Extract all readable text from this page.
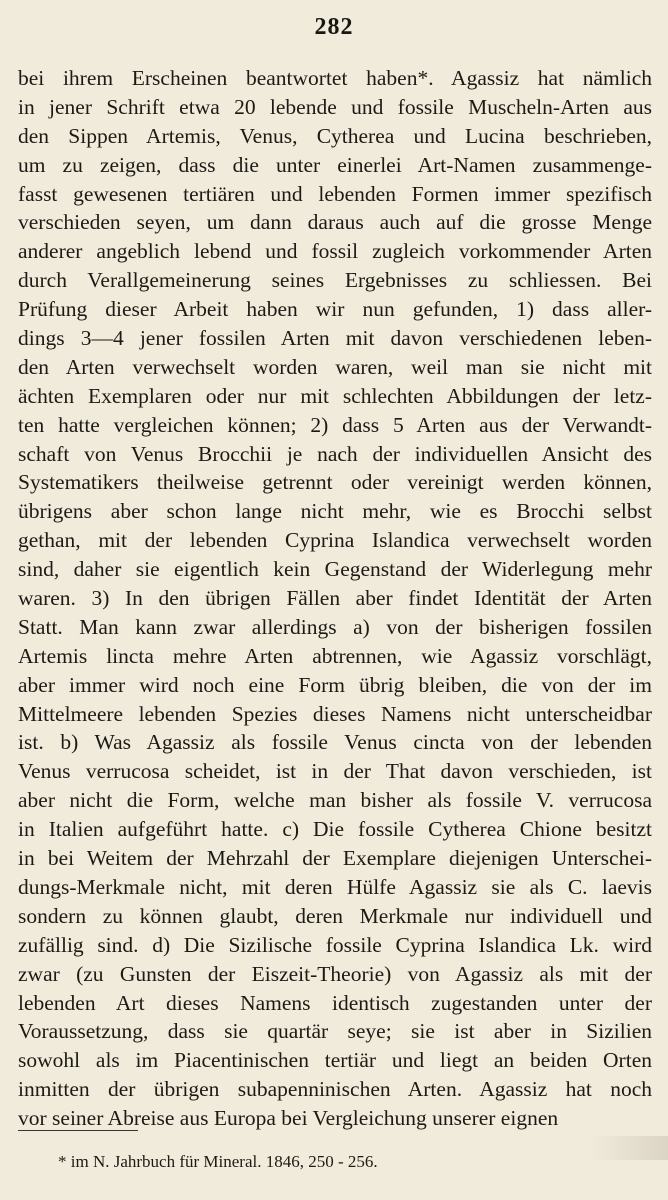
282
bei ihrem Erscheinen beantwortet haben*. Agassiz hat nämlich
in jener Schrift etwa 20 lebende und fossile Muscheln-Arten aus
den Sippen Artemis, Venus, Cytherea und Lucina beschrieben,
um zu zeigen, dass die unter einerlei Art-Namen zusammenge-
fasst gewesenen tertiären und lebenden Formen immer spezifisch
verschieden seyen, um dann daraus auch auf die grosse Menge
anderer angeblich lebend und fossil zugleich vorkommender Arten
durch Verallgemeinerung seines Ergebnisses zu schliessen. Bei
Prüfung dieser Arbeit haben wir nun gefunden, 1) dass aller-
dings 3—4 jener fossilen Arten mit davon verschiedenen leben-
den Arten verwechselt worden waren, weil man sie nicht mit
ächten Exemplaren oder nur mit schlechten Abbildungen der letz-
ten hatte vergleichen können; 2) dass 5 Arten aus der Verwandt-
schaft von Venus Brocchii je nach der individuellen Ansicht des
Systematikers theilweise getrennt oder vereinigt werden können,
übrigens aber schon lange nicht mehr, wie es Brocchi selbst
gethan, mit der lebenden Cyprina Islandica verwechselt worden
sind, daher sie eigentlich kein Gegenstand der Widerlegung mehr
waren. 3) In den übrigen Fällen aber findet Identität der Arten
Statt. Man kann zwar allerdings a) von der bisherigen fossilen
Artemis lincta mehre Arten abtrennen, wie Agassiz vorschlägt,
aber immer wird noch eine Form übrig bleiben, die von der im
Mittelmeere lebenden Spezies dieses Namens nicht unterscheidbar
ist. b) Was Agassiz als fossile Venus cincta von der lebenden
Venus verrucosa scheidet, ist in der That davon verschieden, ist
aber nicht die Form, welche man bisher als fossile V. verrucosa
in Italien aufgeführt hatte. c) Die fossile Cytherea Chione besitzt
in bei Weitem der Mehrzahl der Exemplare diejenigen Unterschei-
dungs-Merkmale nicht, mit deren Hülfe Agassiz sie als C. laevis
sondern zu können glaubt, deren Merkmale nur individuell und
zufällig sind. d) Die Sizilische fossile Cyprina Islandica Lk. wird
zwar (zu Gunsten der Eiszeit-Theorie) von Agassiz als mit der
lebenden Art dieses Namens identisch zugestanden unter der
Voraussetzung, dass sie quartär seye; sie ist aber in Sizilien
sowohl als im Piacentinischen tertiär und liegt an beiden Orten
inmitten der übrigen subapenninischen Arten. Agassiz hat noch
vor seiner Abreise aus Europa bei Vergleichung unserer eignen
* im N. Jahrbuch für Mineral. 1846, 250 - 256.
